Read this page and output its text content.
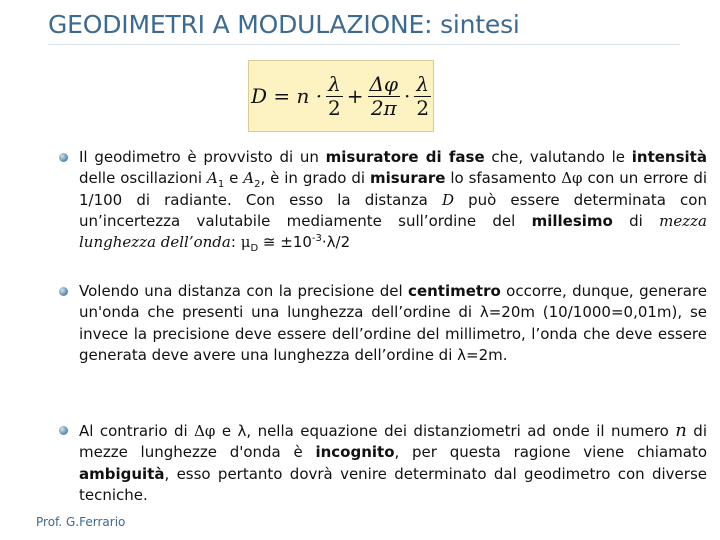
GEODIMETRI A MODULAZIONE: sintesi
$D = n \cdot \frac{\lambda}{2} + \frac{\Delta\varphi}{2\pi} \cdot \frac{\lambda}{2}$
Il geodimetro è provvisto di un misuratore di fase che, valutando le intensità delle oscillazioni $A_1$ e $A_2$, è in grado di misurare lo sfasamento Δφ con un errore di 1/100 di radiante. Con esso la distanza D può essere determinata con un’incertezza valutabile mediamente sull’ordine del millesimo di mezza lunghezza dell’onda: $\mu_D$ ≅ $\pm 10^{-3}\cdot\lambda/2$
Volendo una distanza con la precisione del centimetro occorre, dunque, generare un'onda che presenti una lunghezza dell’ordine di λ=20m (10/1000=0,01m), se invece la precisione deve essere dell’ordine del millimetro, l’onda che deve essere generata deve avere una lunghezza dell’ordine di λ=2m.
Al contrario di Δφ e λ, nella equazione dei distanziometri ad onde il numero n di mezze lunghezze d'onda è incognito, per questa ragione viene chiamato ambiguità, esso pertanto dovrà venire determinato dal geodimetro con diverse tecniche.
Prof. G.Ferrario
